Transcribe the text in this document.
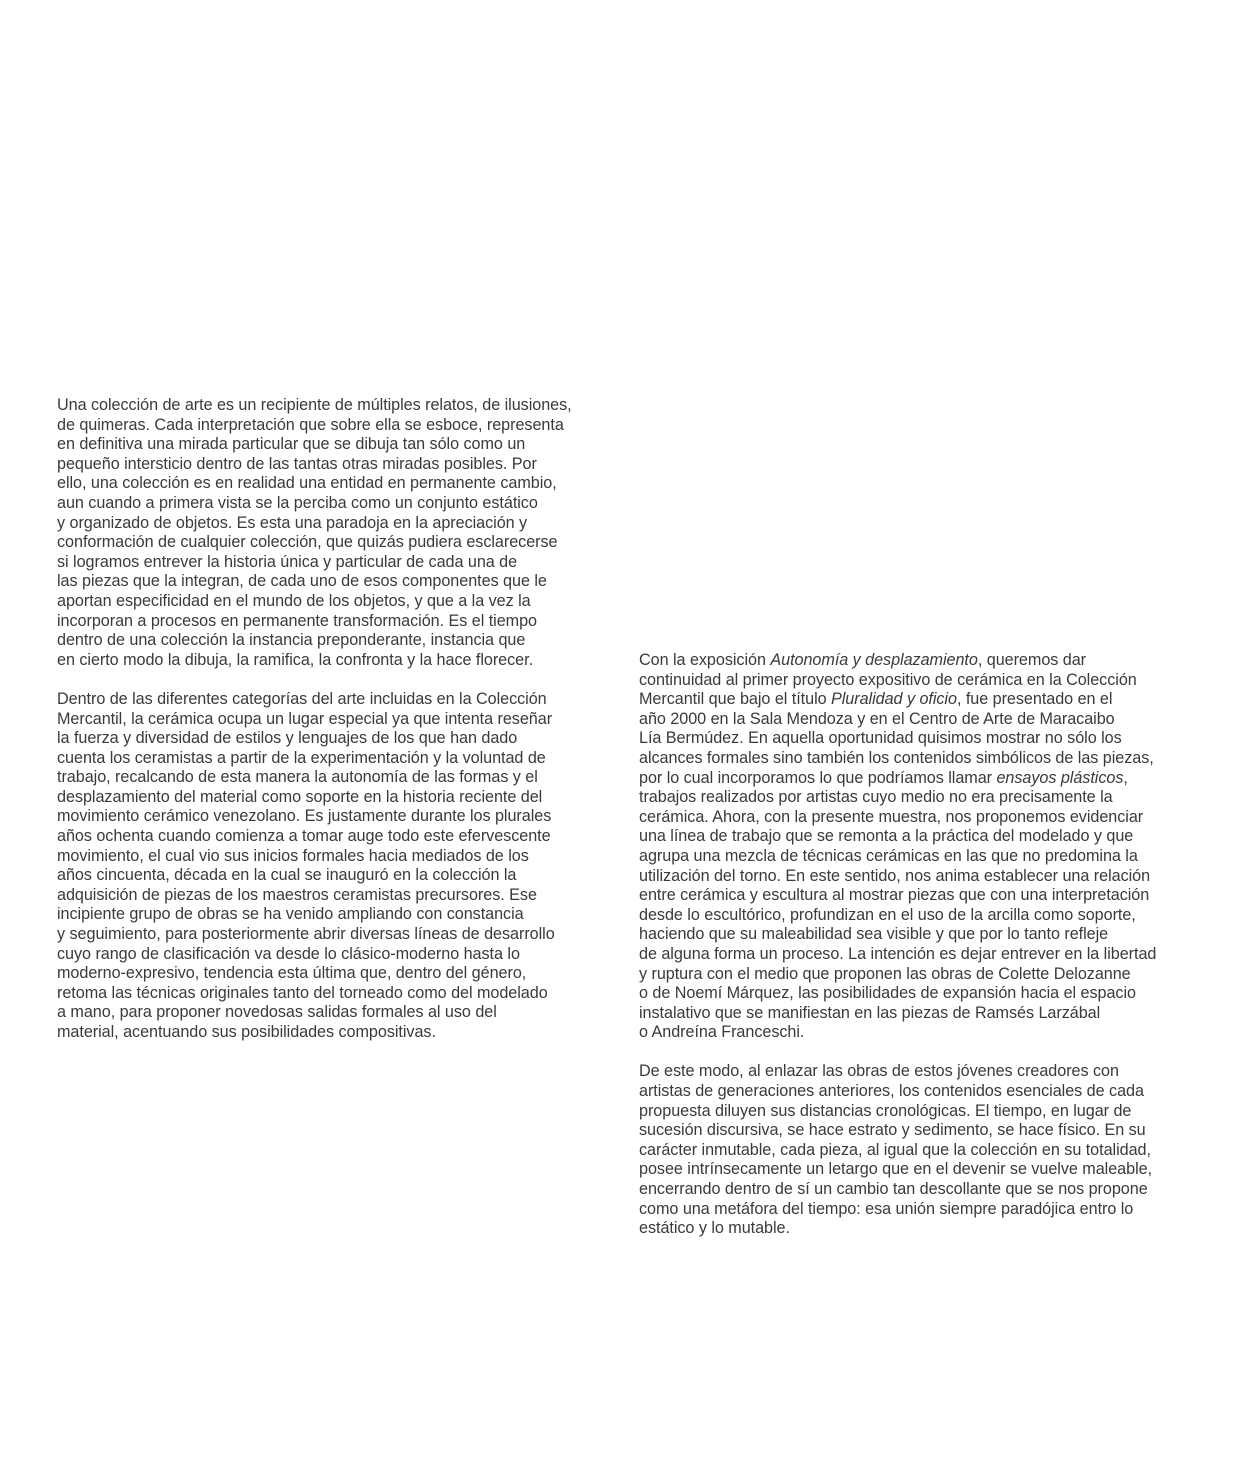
Una colección de arte es un recipiente de múltiples relatos, de ilusiones,
de quimeras. Cada interpretación que sobre ella se esboce, representa
en definitiva una mirada particular que se dibuja tan sólo como un
pequeño intersticio dentro de las tantas otras miradas posibles. Por
ello, una colección es en realidad una entidad en permanente cambio,
aun cuando a primera vista se la perciba como un conjunto estático
y organizado de objetos. Es esta una paradoja en la apreciación y
conformación de cualquier colección, que quizás pudiera esclarecerse
si logramos entrever la historia única y particular de cada una de
las piezas que la integran, de cada uno de esos componentes que le
aportan especificidad en el mundo de los objetos, y que a la vez la
incorporan a procesos en permanente transformación. Es el tiempo
dentro de una colección la instancia preponderante, instancia que
en cierto modo la dibuja, la ramifica, la confronta y la hace florecer.

Dentro de las diferentes categorías del arte incluidas en la Colección
Mercantil, la cerámica ocupa un lugar especial ya que intenta reseñar
la fuerza y diversidad de estilos y lenguajes de los que han dado
cuenta los ceramistas a partir de la experimentación y la voluntad de
trabajo, recalcando de esta manera la autonomía de las formas y el
desplazamiento del material como soporte en la historia reciente del
movimiento cerámico venezolano. Es justamente durante los plurales
años ochenta cuando comienza a tomar auge todo este efervescente
movimiento, el cual vio sus inicios formales hacia mediados de los
años cincuenta, década en la cual se inauguró en la colección la
adquisición de piezas de los maestros ceramistas precursores. Ese
incipiente grupo de obras se ha venido ampliando con constancia
y seguimiento, para posteriormente abrir diversas líneas de desarrollo
cuyo rango de clasificación va desde lo clásico-moderno hasta lo
moderno-expresivo, tendencia esta última que, dentro del género,
retoma las técnicas originales tanto del torneado como del modelado
a mano, para proponer novedosas salidas formales al uso del
material, acentuando sus posibilidades compositivas.

Con la exposición Autonomía y desplazamiento, queremos dar
continuidad al primer proyecto expositivo de cerámica en la Colección
Mercantil que bajo el título Pluralidad y oficio, fue presentado en el
año 2000 en la Sala Mendoza y en el Centro de Arte de Maracaibo
Lía Bermúdez. En aquella oportunidad quisimos mostrar no sólo los
alcances formales sino también los contenidos simbólicos de las piezas,
por lo cual incorporamos lo que podríamos llamar ensayos plásticos,
trabajos realizados por artistas cuyo medio no era precisamente la
cerámica. Ahora, con la presente muestra, nos proponemos evidenciar
una línea de trabajo que se remonta a la práctica del modelado y que
agrupa una mezcla de técnicas cerámicas en las que no predomina la
utilización del torno. En este sentido, nos anima establecer una relación
entre cerámica y escultura al mostrar piezas que con una interpretación
desde lo escultórico, profundizan en el uso de la arcilla como soporte,
haciendo que su maleabilidad sea visible y que por lo tanto refleje
de alguna forma un proceso. La intención es dejar entrever en la libertad
y ruptura con el medio que proponen las obras de Colette Delozanne
o de Noemí Márquez, las posibilidades de expansión hacia el espacio
instalativo que se manifiestan en las piezas de Ramsés Larzábal
o Andreína Franceschi.

De este modo, al enlazar las obras de estos jóvenes creadores con
artistas de generaciones anteriores, los contenidos esenciales de cada
propuesta diluyen sus distancias cronológicas. El tiempo, en lugar de
sucesión discursiva, se hace estrato y sedimento, se hace físico. En su
carácter inmutable, cada pieza, al igual que la colección en su totalidad,
posee intrínsecamente un letargo que en el devenir se vuelve maleable,
encerrando dentro de sí un cambio tan descollante que se nos propone
como una metáfora del tiempo: esa unión siempre paradójica entro lo
estático y lo mutable.
